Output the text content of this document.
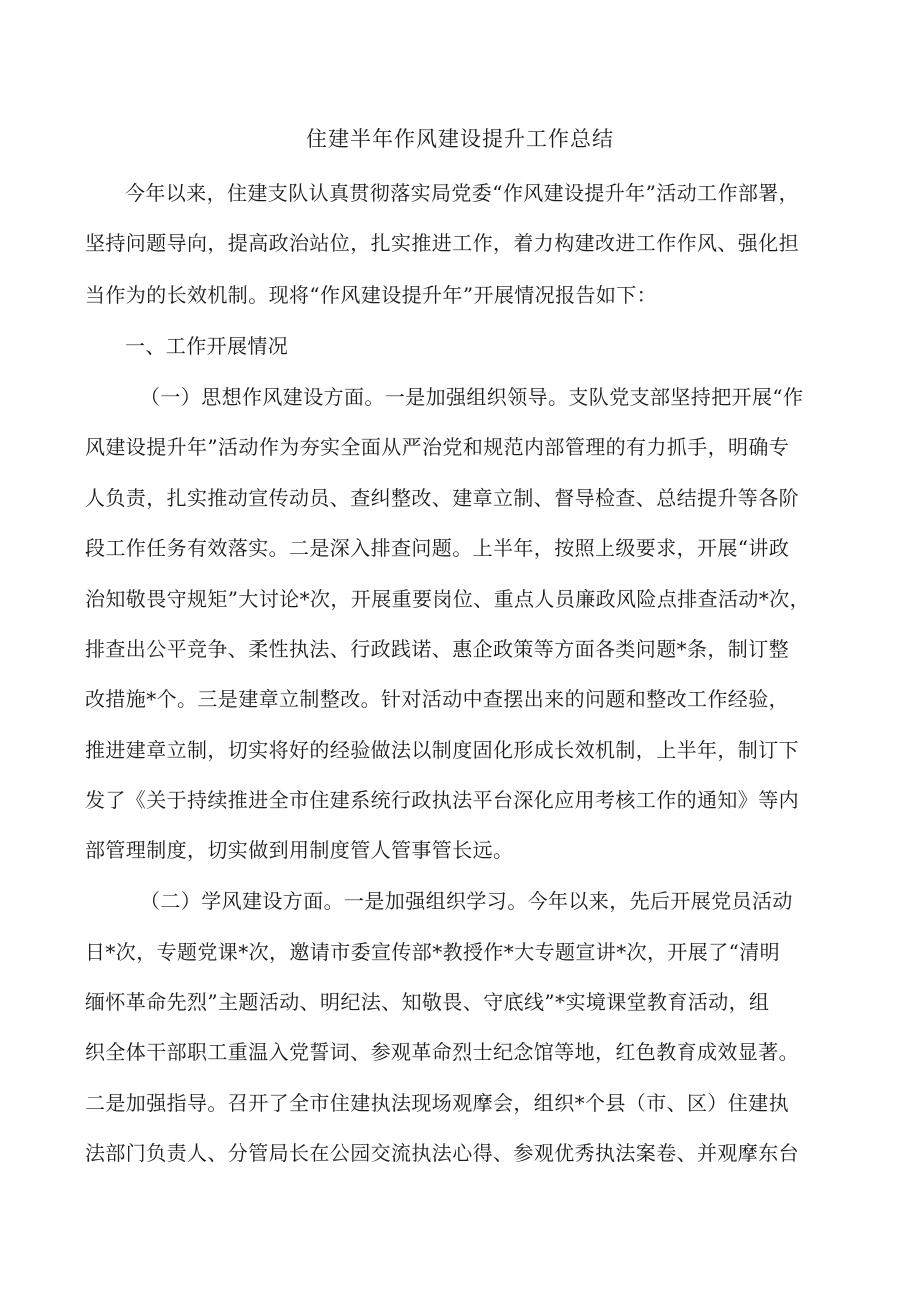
住建半年作风建设提升工作总结
今年以来，住建支队认真贯彻落实局党委“作风建设提升年”活动工作部署，
坚持问题导向，提高政治站位，扎实推进工作，着力构建改进工作作风、强化担
当作为的长效机制。现将“作风建设提升年”开展情况报告如下：
一、工作开展情况
（一）思想作风建设方面。一是加强组织领导。支队党支部坚持把开展“作
风建设提升年”活动作为夯实全面从严治党和规范内部管理的有力抓手，明确专
人负责，扎实推动宣传动员、查纠整改、建章立制、督导检查、总结提升等各阶
段工作任务有效落实。二是深入排查问题。上半年，按照上级要求，开展“讲政
治知敬畏守规矩”大讨论*次，开展重要岗位、重点人员廉政风险点排查活动*次，
排查出公平竞争、柔性执法、行政践诺、惠企政策等方面各类问题*条，制订整
改措施*个。三是建章立制整改。针对活动中查摆出来的问题和整改工作经验，
推进建章立制，切实将好的经验做法以制度固化形成长效机制，上半年，制订下
发了《关于持续推进全市住建系统行政执法平台深化应用考核工作的通知》等内
部管理制度，切实做到用制度管人管事管长远。
（二）学风建设方面。一是加强组织学习。今年以来，先后开展党员活动
日*次，专题党课*次，邀请市委宣传部*教授作*大专题宣讲*次，开展了“清明
缅怀革命先烈”主题活动、明纪法、知敬畏、守底线”*实境课堂教育活动，组
织全体干部职工重温入党誓词、参观革命烈士纪念馆等地，红色教育成效显著。
二是加强指导。召开了全市住建执法现场观摩会，组织*个县（市、区）住建执
法部门负责人、分管局长在公园交流执法心得、参观优秀执法案卷、并观摩东台
